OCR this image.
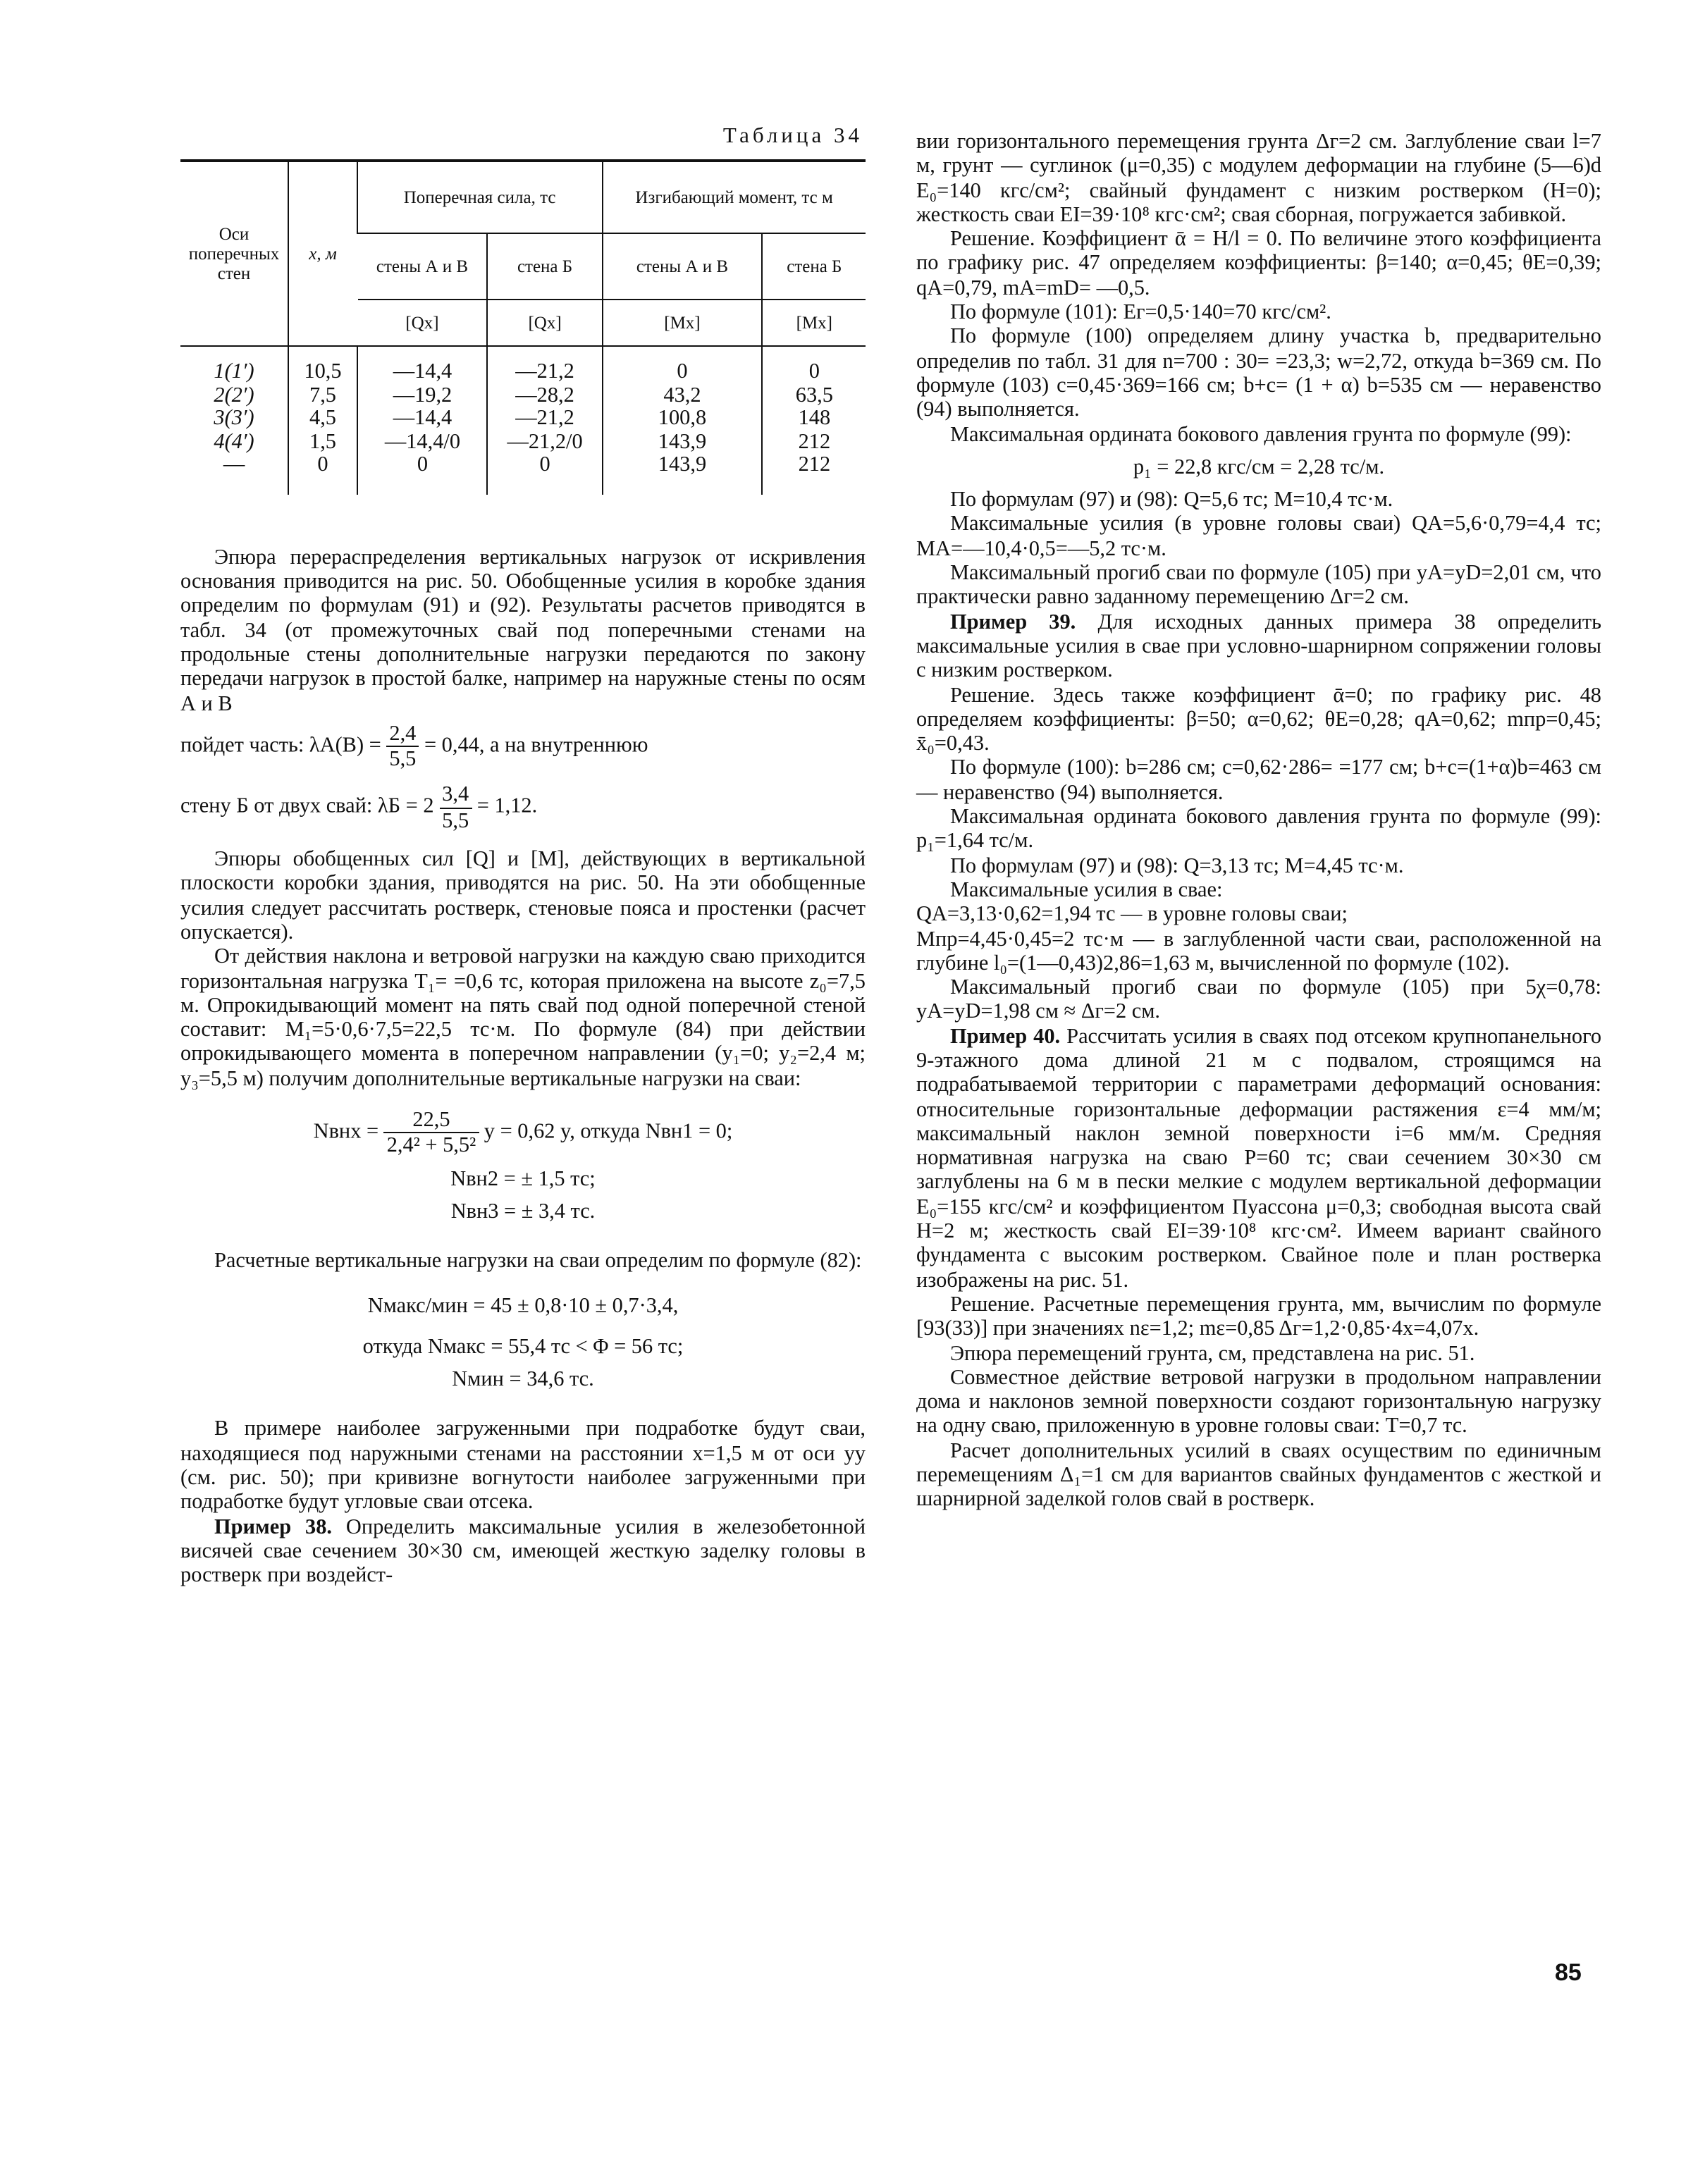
Таблица 34
Оси поперечных стен	x, м	Поперечная сила, тс		Изгибающий момент, тс м	
		стены А и В	стена Б	стены А и В	стена Б
		[Qx]	[Qx]	[Mx]	[Mx]
1(1′)	10,5	—14,4	—21,2	0	0
2(2′)	7,5	—19,2	—28,2	43,2	63,5
3(3′)	4,5	—14,4	—21,2	100,8	148
4(4′)	1,5	—14,4/0	—21,2/0	143,9	212
—	0	0	0	143,9	212

Эпюра перераспределения вертикальных нагрузок от искривления основания приводится на рис. 50. Обобщенные усилия в коробке здания определим по формулам (91) и (92). Результаты расчетов приводятся в табл. 34 (от промежуточных свай под поперечными стенами на продольные стены дополнительные нагрузки передаются по закону передачи нагрузок в простой балке, например на наружные стены по осям А и В

пойдет часть: $\lambda A(B) = \frac{2,4}{5,5} = 0,44$, а на внутреннюю
стену Б от двух свай: $\lambda Б = 2 \frac{3,4}{5,5} = 1,12$.

Эпюры обобщенных сил [Q] и [M], действующих в вертикальной плоскости коробки здания, приводятся на рис. 50. На эти обобщенные усилия следует рассчитать ростверк, стеновые пояса и простенки (расчет опускается).

От действия наклона и ветровой нагрузки на каждую сваю приходится горизонтальная нагрузка T₁= =0,6 тс, которая приложена на высоте z₀=7,5 м. Опрокидывающий момент на пять свай под одной поперечной стеной составит: M₁=5·0,6·7,5=22,5 тс·м. По формуле (84) при действии опрокидывающего момента в поперечном направлении (y₁=0; y₂=2,4 м; y₃=5,5 м) получим дополнительные вертикальные нагрузки на сваи:

Nвнх = $\frac{22,5}{\text{2,4² + 5,5²}}$ y = 0,62 y, откуда Nвн1 = 0;
Nвн2 = ± 1,5 тс;
Nвн3 = ± 3,4 тс.

Расчетные вертикальные нагрузки на сваи определим по формуле (82):

Nмакс/мин = 45 ± 0,8·10 ± 0,7·3,4,
откуда Nмакс = 55,4 тс < Φ = 56 тс;
Nмин = 34,6 тс.

В примере наиболее загруженными при подработке будут сваи, находящиеся под наружными стенами на расстоянии x=1,5 м от оси yy (см. рис. 50); при кривизне вогнутости наиболее загруженными при подработке будут угловые сваи отсека.

Пример 38. Определить максимальные усилия в железобетонной висячей свае сечением 30×30 см, имеющей жесткую заделку головы в ростверк при воздейст-

вии горизонтального перемещения грунта Δг=2 см. Заглубление сваи l=7 м, грунт — суглинок (μ=0,35) с модулем деформации на глубине (5—6)d E₀=140 кгс/см²; свайный фундамент с низким ростверком (H=0); жесткость сваи EI=39·10⁸ кгс·см²; свая сборная, погружается забивкой.

Решение. Коэффициент ᾱ = H/l = 0. По величине этого коэффициента по графику рис. 47 определяем коэффициенты: β=140; α=0,45; θE=0,39; qA=0,79, mA=mD= —0,5.

По формуле (101): Eг=0,5·140=70 кгс/см².

По формуле (100) определяем длину участка b, предварительно определив по табл. 31 для n=700 : 30= =23,3; w=2,72, откуда b=369 см. По формуле (103) c=0,45·369=166 см; b+c= (1 + α) b=535 см — неравенство (94) выполняется.

Максимальная ордината бокового давления грунта по формуле (99):

p₁ = 22,8 кгс/см = 2,28 тс/м.

По формулам (97) и (98): Q=5,6 тс; M=10,4 тс·м.

Максимальные усилия (в уровне головы сваи) QA=5,6·0,79=4,4 тс; MA=—10,4·0,5=—5,2 тс·м.

Максимальный прогиб сваи по формуле (105) при yA=yD=2,01 см, что практически равно заданному перемещению Δг=2 см.

Пример 39. Для исходных данных примера 38 определить максимальные усилия в свае при условно-шарнирном сопряжении головы с низким ростверком.

Решение. Здесь также коэффициент ᾱ=0; по графику рис. 48 определяем коэффициенты: β=50; α=0,62; θE=0,28; qA=0,62; mпр=0,45; x̄₀=0,43.

По формуле (100): b=286 см; c=0,62·286= =177 см; b+c=(1+α)b=463 см — неравенство (94) выполняется.

Максимальная ордината бокового давления грунта по формуле (99): p₁=1,64 тс/м.

По формулам (97) и (98): Q=3,13 тс; M=4,45 тс·м.

Максимальные усилия в свае:

QA=3,13·0,62=1,94 тс — в уровне головы сваи;

Mпр=4,45·0,45=2 тс·м — в заглубленной части сваи, расположенной на глубине l₀=(1—0,43)2,86=1,63 м, вычисленной по формуле (102).

Максимальный прогиб сваи по формуле (105) при 5χ=0,78: yA=yD=1,98 см ≈ Δг=2 см.

Пример 40. Рассчитать усилия в сваях под отсеком крупнопанельного 9-этажного дома длиной 21 м с подвалом, строящимся на подрабатываемой территории с параметрами деформаций основания: относительные горизонтальные деформации растяжения ε=4 мм/м; максимальный наклон земной поверхности i=6 мм/м. Средняя нормативная нагрузка на сваю P=60 тс; сваи сечением 30×30 см заглублены на 6 м в пески мелкие с модулем вертикальной деформации E₀=155 кгс/см² и коэффициентом Пуассона μ=0,3; свободная высота свай H=2 м; жесткость свай EI=39·10⁸ кгс·см². Имеем вариант свайного фундамента с высоким ростверком. Свайное поле и план ростверка изображены на рис. 51.

Решение. Расчетные перемещения грунта, мм, вычислим по формуле [93(33)] при значениях nε=1,2; mε=0,85 Δг=1,2·0,85·4x=4,07x.

Эпюра перемещений грунта, см, представлена на рис. 51.

Совместное действие ветровой нагрузки в продольном направлении дома и наклонов земной поверхности создают горизонтальную нагрузку на одну сваю, приложенную в уровне головы сваи: T=0,7 тс.

Расчет дополнительных усилий в сваях осуществим по единичным перемещениям Δ₁=1 см для вариантов свайных фундаментов с жесткой и шарнирной заделкой голов свай в ростверк.

85
